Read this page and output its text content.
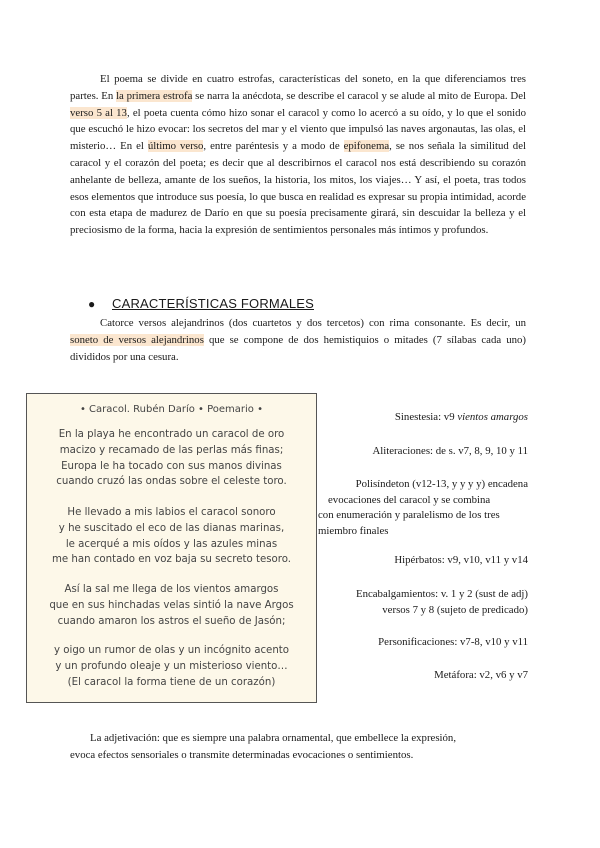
El poema se divide en cuatro estrofas, características del soneto, en la que diferenciamos tres partes. En la primera estrofa se narra la anécdota, se describe el caracol y se alude al mito de Europa. Del verso 5 al 13, el poeta cuenta cómo hizo sonar el caracol y como lo acercó a su oído, y lo que el sonido que escuchó le hizo evocar: los secretos del mar y el viento que impulsó las naves argonautas, las olas, el misterio… En el último verso, entre paréntesis y a modo de epifonema, se nos señala la similitud del caracol y el corazón del poeta; es decir que al describirnos el caracol nos está describiendo su corazón anhelante de belleza, amante de los sueños, la historia, los mitos, los viajes… Y así, el poeta, tras todos esos elementos que introduce sus poesía, lo que busca en realidad es expresar su propia intimidad, acorde con esta etapa de madurez de Darío en que su poesía precisamente girará, sin descuidar la belleza y el preciosismo de la forma, hacia la expresión de sentimientos personales más íntimos y profundos.
● CARACTERÍSTICAS FORMALES
Catorce versos alejandrinos (dos cuartetos y dos tercetos) con rima consonante. Es decir, un soneto de versos alejandrinos que se compone de dos hemistiquios o mitades (7 sílabas cada uno) divididos por una cesura.
• Caracol. Rubén Darío • Poemario •
En la playa he encontrado un caracol de oro
macizo y recamado de las perlas más finas;
Europa le ha tocado con sus manos divinas
cuando cruzó las ondas sobre el celeste toro.
He llevado a mis labios el caracol sonoro
y he suscitado el eco de las dianas marinas,
le acerqué a mis oídos y las azules minas
me han contado en voz baja su secreto tesoro.
Así la sal me llega de los vientos amargos
que en sus hinchadas velas sintió la nave Argos
cuando amaron los astros el sueño de Jasón;
y oigo un rumor de olas y un incógnito acento
y un profundo oleaje y un misterioso viento…
(El caracol la forma tiene de un corazón)
Sinestesia: v9 vientos amargos
Aliteraciones: de s. v7, 8, 9, 10 y 11
Polisíndeton (v12-13, y y y y) encadena
evocaciones del caracol y se combina
con enumeración y paralelismo de los tres
miembro finales
Hipérbatos: v9, v10, v11 y v14
Encabalgamientos: v. 1 y 2 (sust de adj)
versos 7 y 8 (sujeto de predicado)
Personificaciones: v7-8, v10 y v11
Metáfora: v2, v6 y v7
La adjetivación: que es siempre una palabra ornamental, que embellece la expresión,
evoca efectos sensoriales o transmite determinadas evocaciones o sentimientos.
